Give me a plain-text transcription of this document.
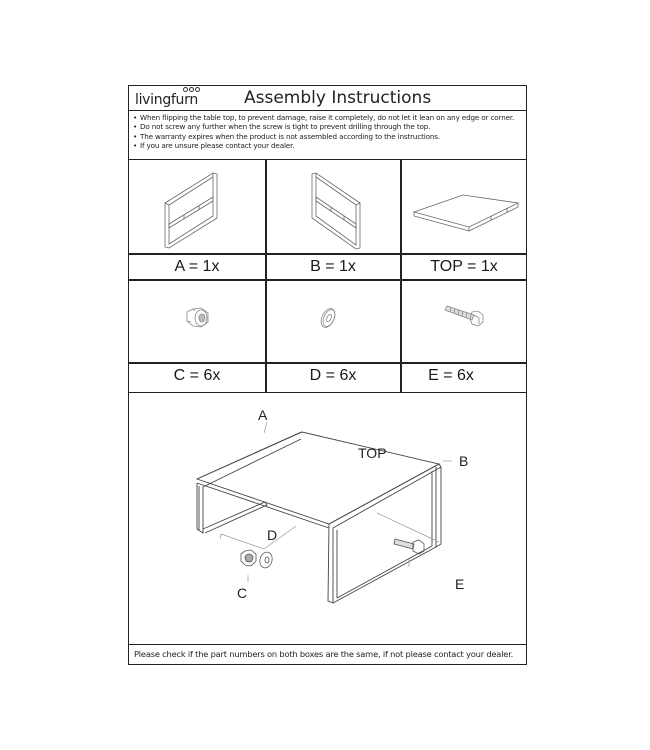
livingfurn	Assembly Instructions
• When flipping the table top, to prevent damage, raise it completely, do not let it lean on any edge or corner.
• Do not screw any further when the screw is tight to prevent drilling through the top.
• The warranty expires when the product is not assembled according to the instructions.
• If you are unsure please contact your dealer.
A = 1x	B = 1x	TOP = 1x
C = 6x	D = 6x	E = 6x
A
TOP	B
C
D
E
Please check if the part numbers on both boxes are the same, if not please contact your dealer.
